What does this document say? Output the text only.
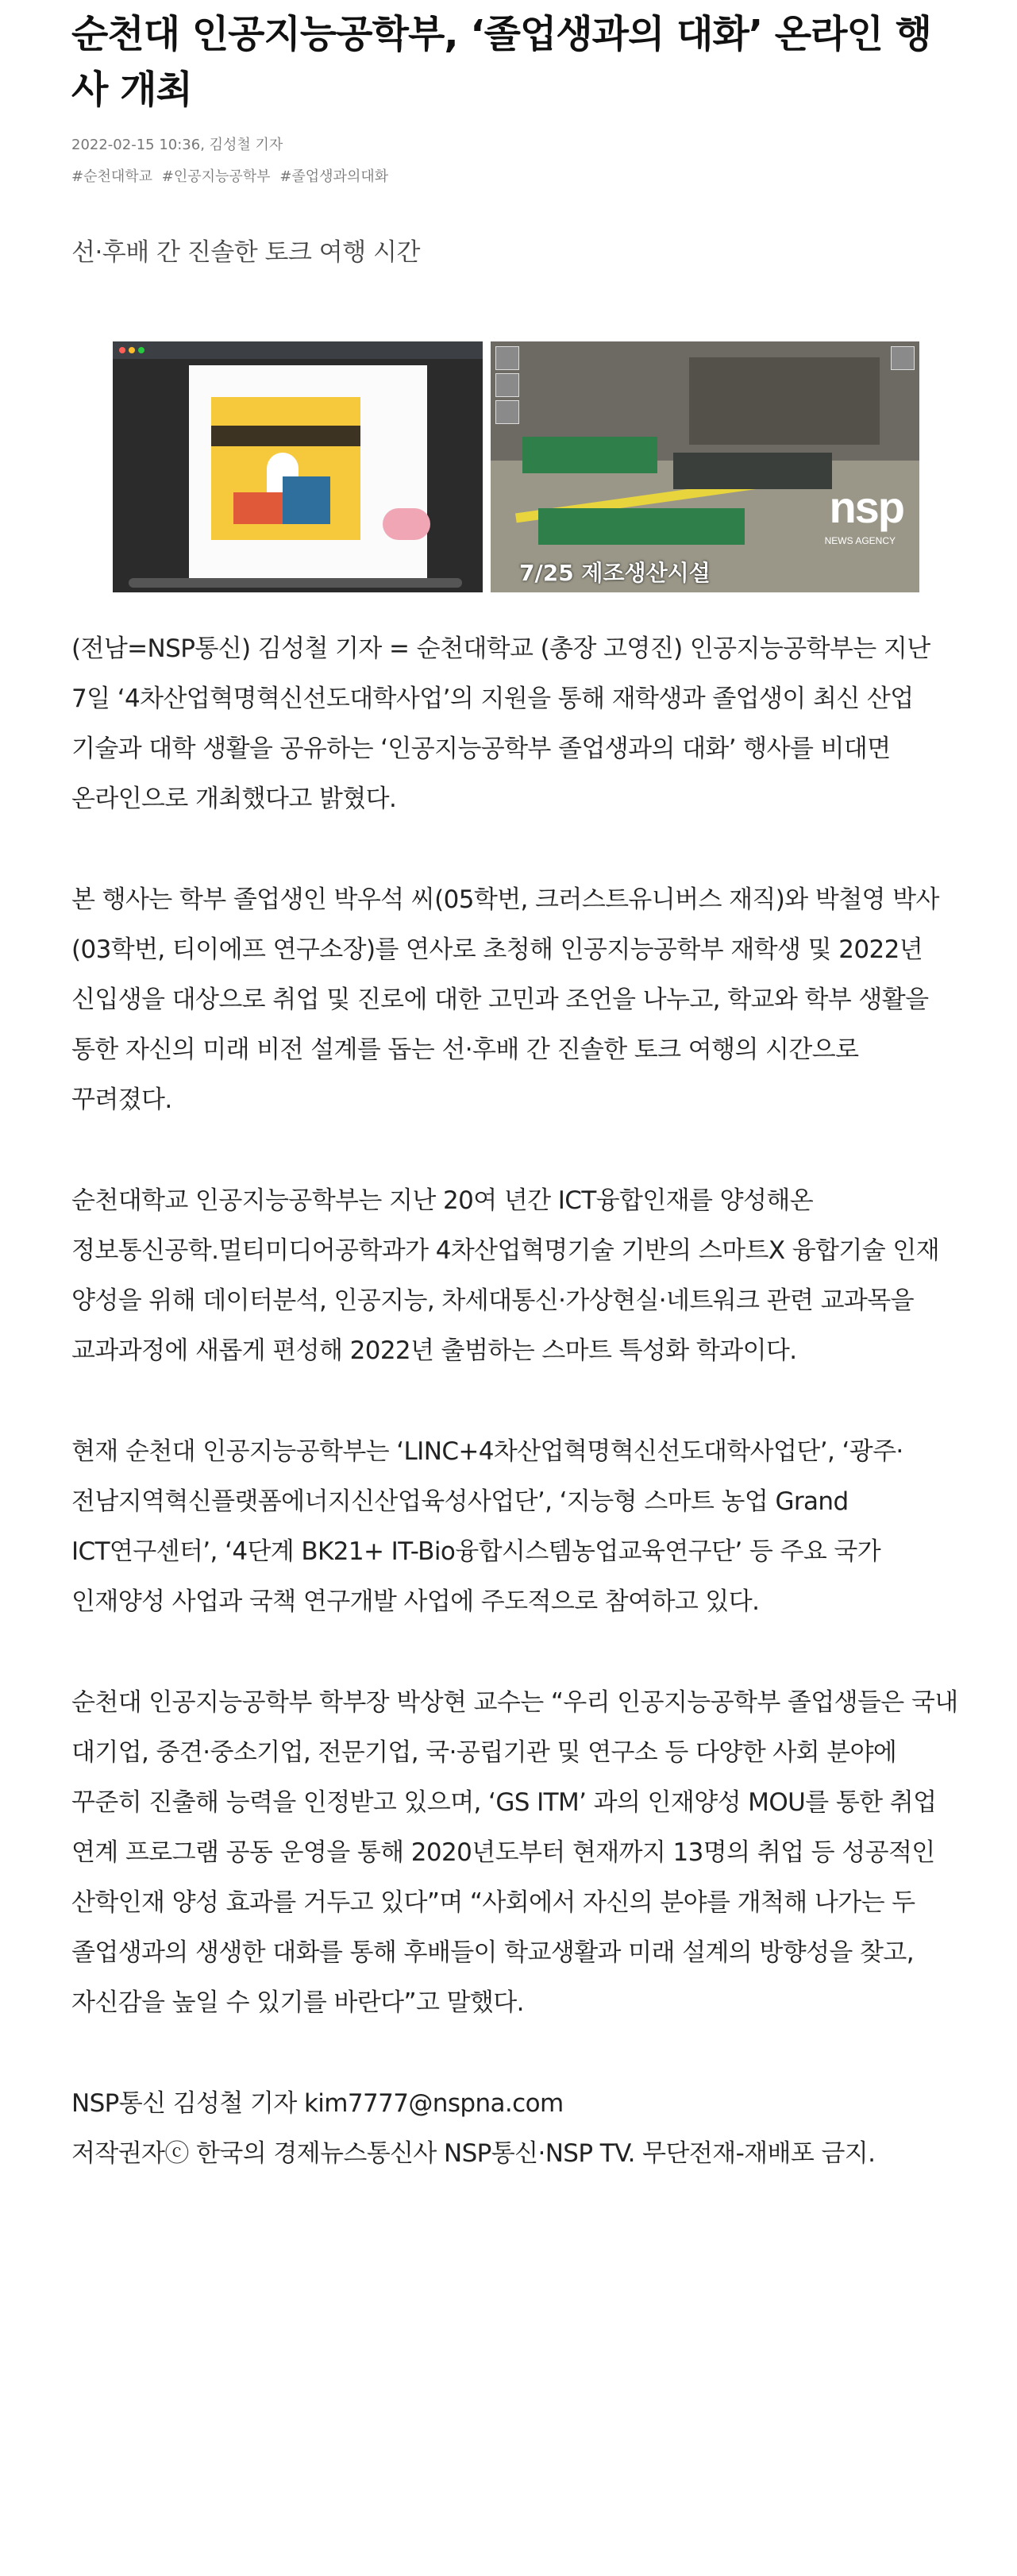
순천대 인공지능공학부, ‘졸업생과의 대화’ 온라인 행사 개최
2022-02-15 10:36, 김성철 기자
#순천대학교 #인공지능공학부 #졸업생과의대화
선·후배 간 진솔한 토크 여행 시간
nsp
NEWS AGENCY
7/25 제조생산시설

(전남=NSP통신) 김성철 기자 = 순천대학교 (총장 고영진) 인공지능공학부는 지난 7일 ‘4차산업혁명혁신선도대학사업’의 지원을 통해 재학생과 졸업생이 최신 산업 기술과 대학 생활을 공유하는 ‘인공지능공학부 졸업생과의 대화’ 행사를 비대면 온라인으로 개최했다고 밝혔다.

본 행사는 학부 졸업생인 박우석 씨(05학번, 크러스트유니버스 재직)와 박철영 박사(03학번, 티이에프 연구소장)를 연사로 초청해 인공지능공학부 재학생 및 2022년 신입생을 대상으로 취업 및 진로에 대한 고민과 조언을 나누고, 학교와 학부 생활을 통한 자신의 미래 비전 설계를 돕는 선·후배 간 진솔한 토크 여행의 시간으로 꾸려졌다.

순천대학교 인공지능공학부는 지난 20여 년간 ICT융합인재를 양성해온 정보통신공학.멀티미디어공학과가 4차산업혁명기술 기반의 스마트X 융합기술 인재 양성을 위해 데이터분석, 인공지능, 차세대통신·가상현실·네트워크 관련 교과목을 교과과정에 새롭게 편성해 2022년 출범하는 스마트 특성화 학과이다.

현재 순천대 인공지능공학부는 ‘LINC+4차산업혁명혁신선도대학사업단’, ‘광주·전남지역혁신플랫폼에너지신산업육성사업단’, ‘지능형 스마트 농업 Grand ICT연구센터’, ‘4단계 BK21+ IT-Bio융합시스템농업교육연구단’ 등 주요 국가 인재양성 사업과 국책 연구개발 사업에 주도적으로 참여하고 있다.

순천대 인공지능공학부 학부장 박상현 교수는 “우리 인공지능공학부 졸업생들은 국내 대기업, 중견·중소기업, 전문기업, 국·공립기관 및 연구소 등 다양한 사회 분야에 꾸준히 진출해 능력을 인정받고 있으며, ‘GS ITM’ 과의 인재양성 MOU를 통한 취업 연계 프로그램 공동 운영을 통해 2020년도부터 현재까지 13명의 취업 등 성공적인 산학인재 양성 효과를 거두고 있다”며 “사회에서 자신의 분야를 개척해 나가는 두 졸업생과의 생생한 대화를 통해 후배들이 학교생활과 미래 설계의 방향성을 찾고, 자신감을 높일 수 있기를 바란다”고 말했다.

NSP통신 김성철 기자 kim7777@nspna.com

저작권자ⓒ 한국의 경제뉴스통신사 NSP통신·NSP TV. 무단전재-재배포 금지.
